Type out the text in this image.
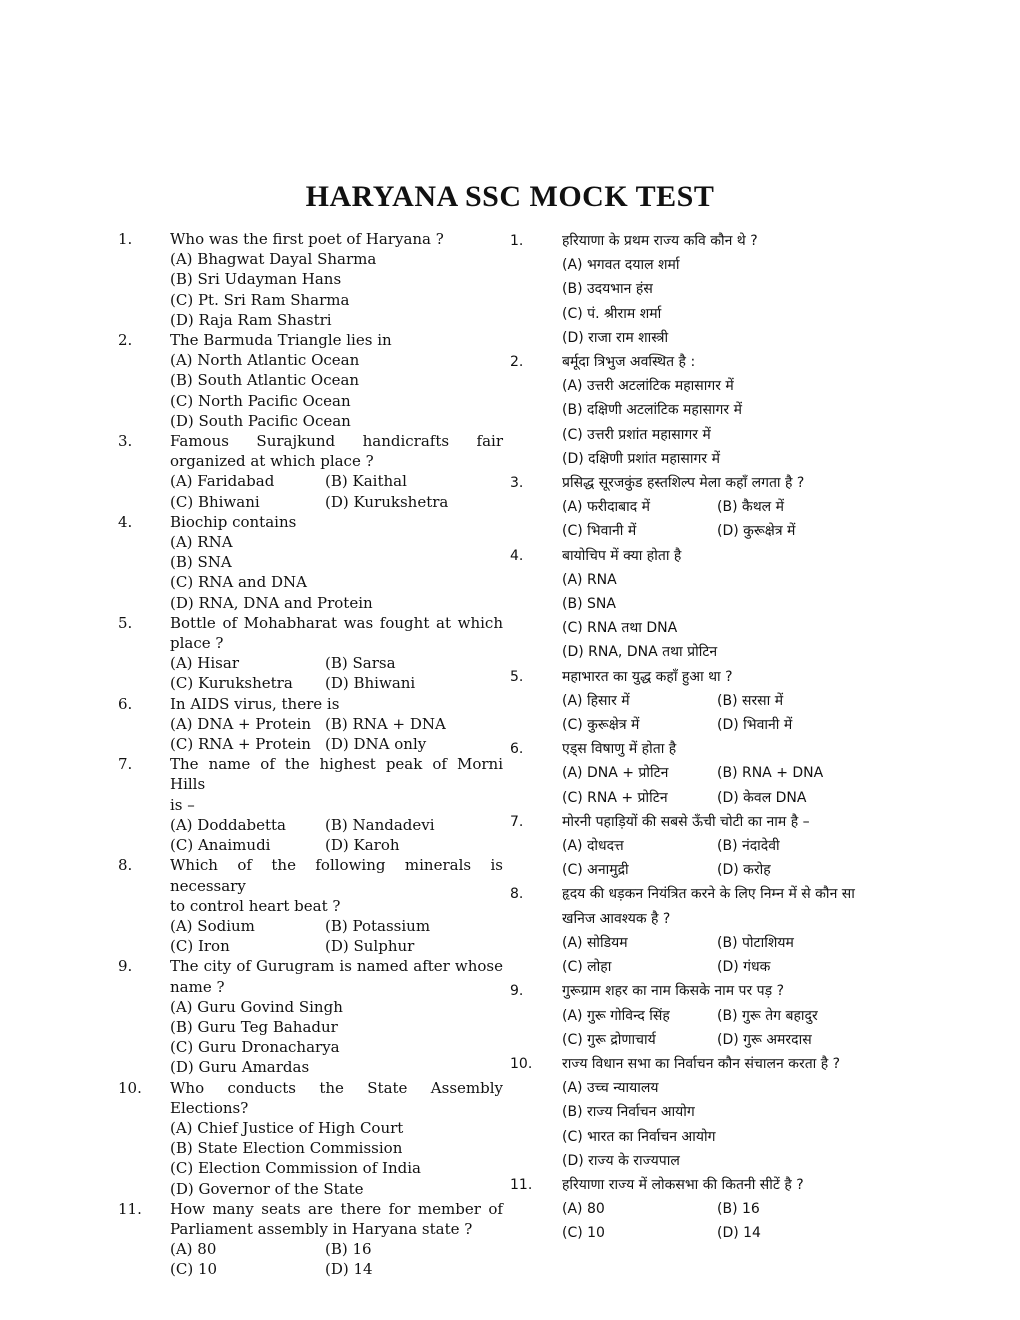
HARYANA SSC MOCK TEST
1.	Who was the first poet of Haryana ?
(A) Bhagwat Dayal Sharma
(B) Sri Udayman Hans
(C) Pt. Sri Ram Sharma
(D) Raja Ram Shastri
2.	The Barmuda Triangle lies in
(A) North Atlantic Ocean
(B) South Atlantic Ocean
(C) North Pacific Ocean
(D) South Pacific Ocean
3.	Famous Surajkund handicrafts fair
organized at which place ?
(A) Faridabad	(B) Kaithal
(C) Bhiwani	(D) Kurukshetra
4.	Biochip contains
(A) RNA
(B) SNA
(C) RNA and DNA
(D) RNA, DNA and Protein
5.	Bottle of Mohabharat was fought at which
place ?
(A) Hisar	(B) Sarsa
(C) Kurukshetra	(D) Bhiwani
6.	In AIDS virus, there is
(A) DNA + Protein (B) RNA + DNA
(C) RNA + Protein (D) DNA only
7.	The name of the highest peak of Morni Hills
is –
(A) Doddabetta	(B) Nandadevi
(C) Anaimudi	(D) Karoh
8.	Which of the following minerals is necessary
to control heart beat ?
(A) Sodium	(B) Potassium
(C) Iron	(D) Sulphur
9.	The city of Gurugram is named after whose
name ?
(A) Guru Govind Singh
(B) Guru Teg Bahadur
(C) Guru Dronacharya
(D) Guru Amardas
10.	Who conducts the State Assembly
Elections?
(A) Chief Justice of High Court
(B) State Election Commission
(C) Election Commission of India
(D) Governor of the State
11.	How many seats are there for member of
Parliament assembly in Haryana state ?
(A) 80	(B) 16
(C) 10	(D) 14
1.	हरियाणा के प्रथम राज्य कवि कौन थे ?
(A) भगवत दयाल शर्मा
(B) उदयभान हंस
(C) पं. श्रीराम शर्मा
(D) राजा राम शास्त्री
2.	बर्मूदा त्रिभुज अवस्थित है :
(A) उत्तरी अटलांटिक महासागर में
(B) दक्षिणी अटलांटिक महासागर में
(C) उत्तरी प्रशांत महासागर में
(D) दक्षिणी प्रशांत महासागर में
3.	प्रसिद्ध सूरजकुंड हस्तशिल्प मेला कहाँ लगता है ?
(A) फरीदाबाद में	(B) कैथल में
(C) भिवानी में	(D) कुरूक्षेत्र में
4.	बायोचिप में क्या होता है
(A) RNA
(B) SNA
(C) RNA तथा DNA
(D) RNA, DNA तथा प्रोटिन
5.	महाभारत का युद्ध कहाँ हुआ था ?
(A) हिसार में	(B) सरसा में
(C) कुरूक्षेत्र में	(D) भिवानी में
6.	एड्स विषाणु में होता है
(A) DNA + प्रोटिन	(B) RNA + DNA
(C) RNA + प्रोटिन	(D) केवल DNA
7.	मोरनी पहाड़ियों की सबसे ऊँची चोटी का नाम है –
(A) दोधदत्त	(B) नंदादेवी
(C) अनामुद्री	(D) करोह
8.	हृदय की धड़कन नियंत्रित करने के लिए निम्न में से कौन सा
खनिज आवश्यक है ?
(A) सोडियम	(B) पोटाशियम
(C) लोहा	(D) गंधक
9.	गुरूग्राम शहर का नाम किसके नाम पर पड़ ?
(A) गुरू गोविन्द सिंह	(B) गुरू तेग बहादुर
(C) गुरू द्रोणाचार्य	(D) गुरू अमरदास
10.	राज्य विधान सभा का निर्वाचन कौन संचालन करता है ?
(A) उच्च न्यायालय
(B) राज्य निर्वाचन आयोग
(C) भारत का निर्वाचन आयोग
(D) राज्य के राज्यपाल
11.	हरियाणा राज्य में लोकसभा की कितनी सीटें है ?
(A) 80	(B) 16
(C) 10	(D) 14
